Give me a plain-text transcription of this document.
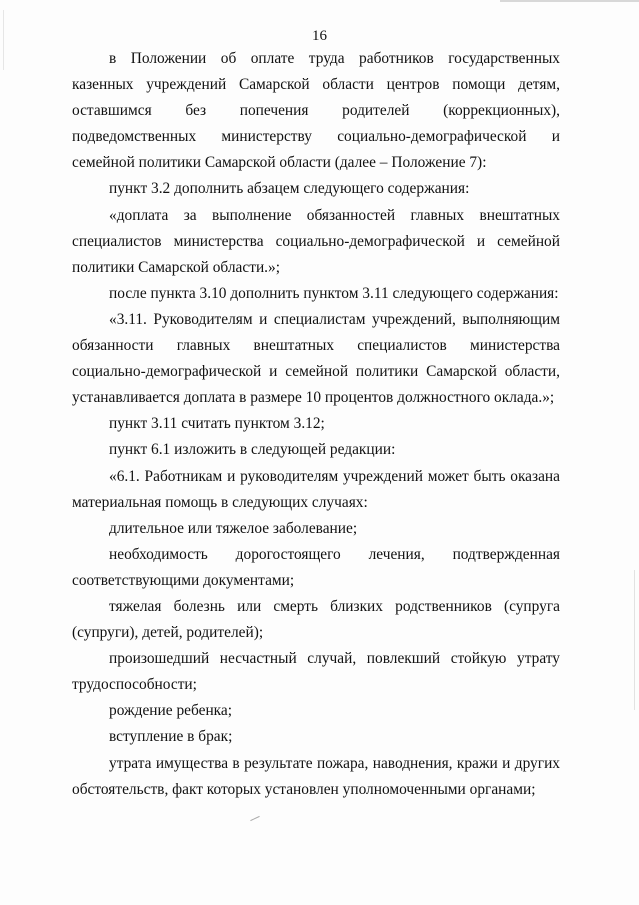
16

в Положении об оплате труда работников государственных казенных учреждений Самарской области центров помощи детям, оставшимся без попечения родителей (коррекционных), подведомственных министерству социально-демографической и семейной политики Самарской области (далее – Положение 7):

пункт 3.2 дополнить абзацем следующего содержания:

«доплата за выполнение обязанностей главных внештатных специалистов министерства социально-демографической и семейной политики Самарской области.»;

после пункта 3.10 дополнить пунктом 3.11 следующего содержания:

«3.11. Руководителям и специалистам учреждений, выполняющим обязанности главных внештатных специалистов министерства социально-демографической и семейной политики Самарской области, устанавливается доплата в размере 10 процентов должностного оклада.»;

пункт 3.11 считать пунктом 3.12;

пункт 6.1 изложить в следующей редакции:

«6.1. Работникам и руководителям учреждений может быть оказана материальная помощь в следующих случаях:

длительное или тяжелое заболевание;

необходимость дорогостоящего лечения, подтвержденная соответствующими документами;

тяжелая болезнь или смерть близких родственников (супруга (супруги), детей, родителей);

произошедший несчастный случай, повлекший стойкую утрату трудоспособности;

рождение ребенка;

вступление в брак;

утрата имущества в результате пожара, наводнения, кражи и других обстоятельств, факт которых установлен уполномоченными органами;
